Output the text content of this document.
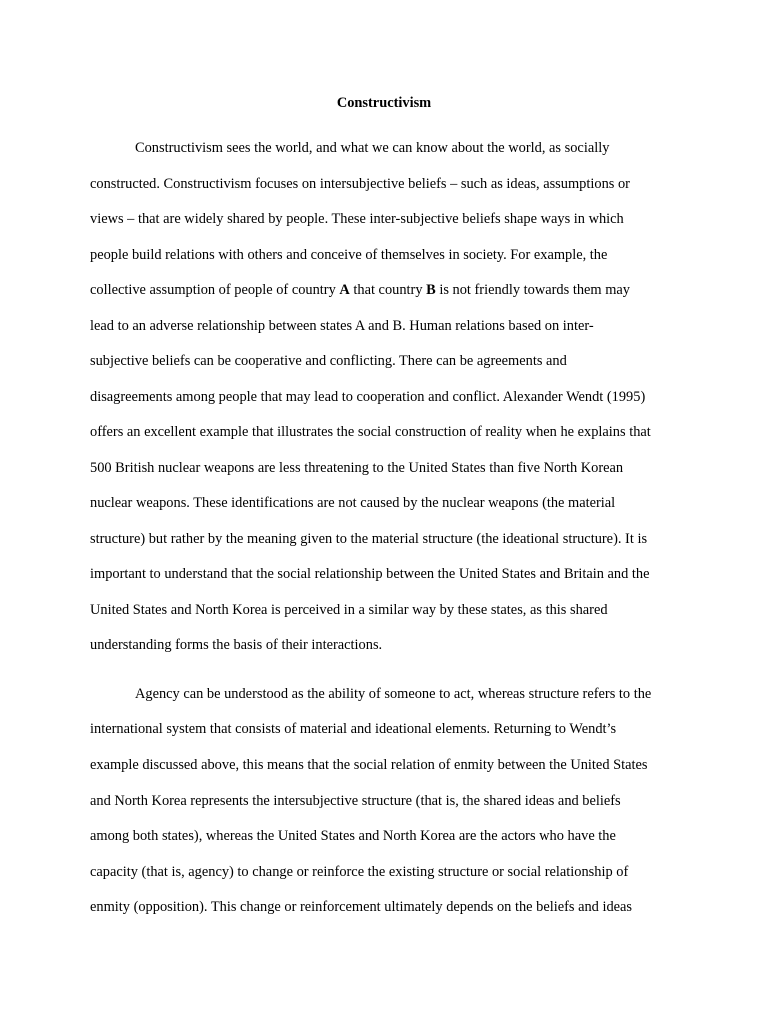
Constructivism
Constructivism sees the world, and what we can know about the world, as socially
constructed. Constructivism focuses on intersubjective beliefs – such as ideas, assumptions or
views – that are widely shared by people. These inter-subjective beliefs shape ways in which
people build relations with others and conceive of themselves in society. For example, the
collective assumption of people of country A that country B is not friendly towards them may
lead to an adverse relationship between states A and B. Human relations based on inter-
subjective beliefs can be cooperative and conflicting. There can be agreements and
disagreements among people that may lead to cooperation and conflict. Alexander Wendt (1995)
offers an excellent example that illustrates the social construction of reality when he explains that
500 British nuclear weapons are less threatening to the United States than five North Korean
nuclear weapons. These identifications are not caused by the nuclear weapons (the material
structure) but rather by the meaning given to the material structure (the ideational structure). It is
important to understand that the social relationship between the United States and Britain and the
United States and North Korea is perceived in a similar way by these states, as this shared
understanding forms the basis of their interactions.
Agency can be understood as the ability of someone to act, whereas structure refers to the
international system that consists of material and ideational elements. Returning to Wendt’s
example discussed above, this means that the social relation of enmity between the United States
and North Korea represents the intersubjective structure (that is, the shared ideas and beliefs
among both states), whereas the United States and North Korea are the actors who have the
capacity (that is, agency) to change or reinforce the existing structure or social relationship of
enmity (opposition). This change or reinforcement ultimately depends on the beliefs and ideas
